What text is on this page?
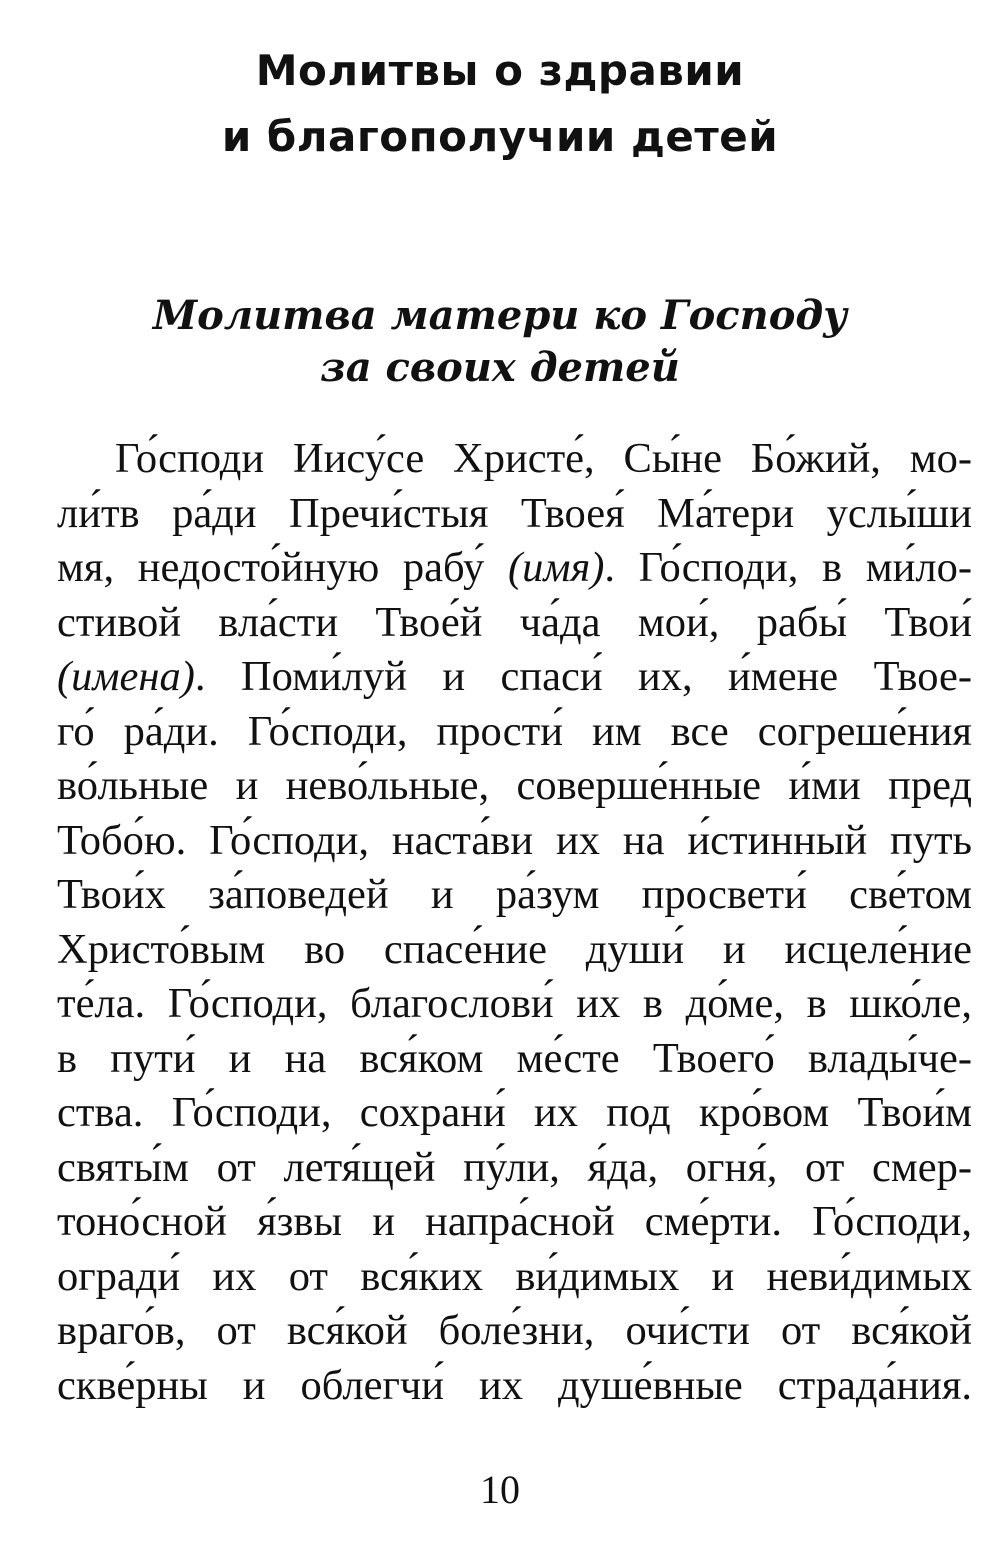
Молитвы о здравии
и благополучии детей
Молитва матери ко Господу
за своих детей
Го́споди Иису́се Христе́, Сы́не Бо́жий, мо-
ли́тв ра́ди Пречи́стыя Твоея́ Ма́тери услы́ши
мя, недосто́йную рабу́ (имя). Го́споди, в ми́ло-
стивой вла́сти Твое́й ча́да мои́, рабы́ Твои́
(имена). Поми́луй и спаси́ их, и́мене Твое-
го́ ра́ди. Го́споди, прости́ им все согреше́ния
во́льные и нево́льные, соверше́нные и́ми пред
Тобо́ю. Го́споди, наста́ви их на и́стинный путь
Твои́х за́поведей и ра́зум просвети́ све́том
Христо́вым во спасе́ние души́ и исцеле́ние
те́ла. Го́споди, благослови́ их в до́ме, в шко́ле,
в пути́ и на вся́ком ме́сте Твоего́ влады́че-
ства. Го́споди, сохрани́ их под кро́вом Твои́м
святы́м от летя́щей пу́ли, я́да, огня́, от смер-
тоно́сной я́звы и напра́сной сме́рти. Го́споди,
огради́ их от вся́ких ви́димых и неви́димых
враго́в, от вся́кой боле́зни, очи́сти от вся́кой
скве́рны и облегчи́ их душе́вные страда́ния.
10
